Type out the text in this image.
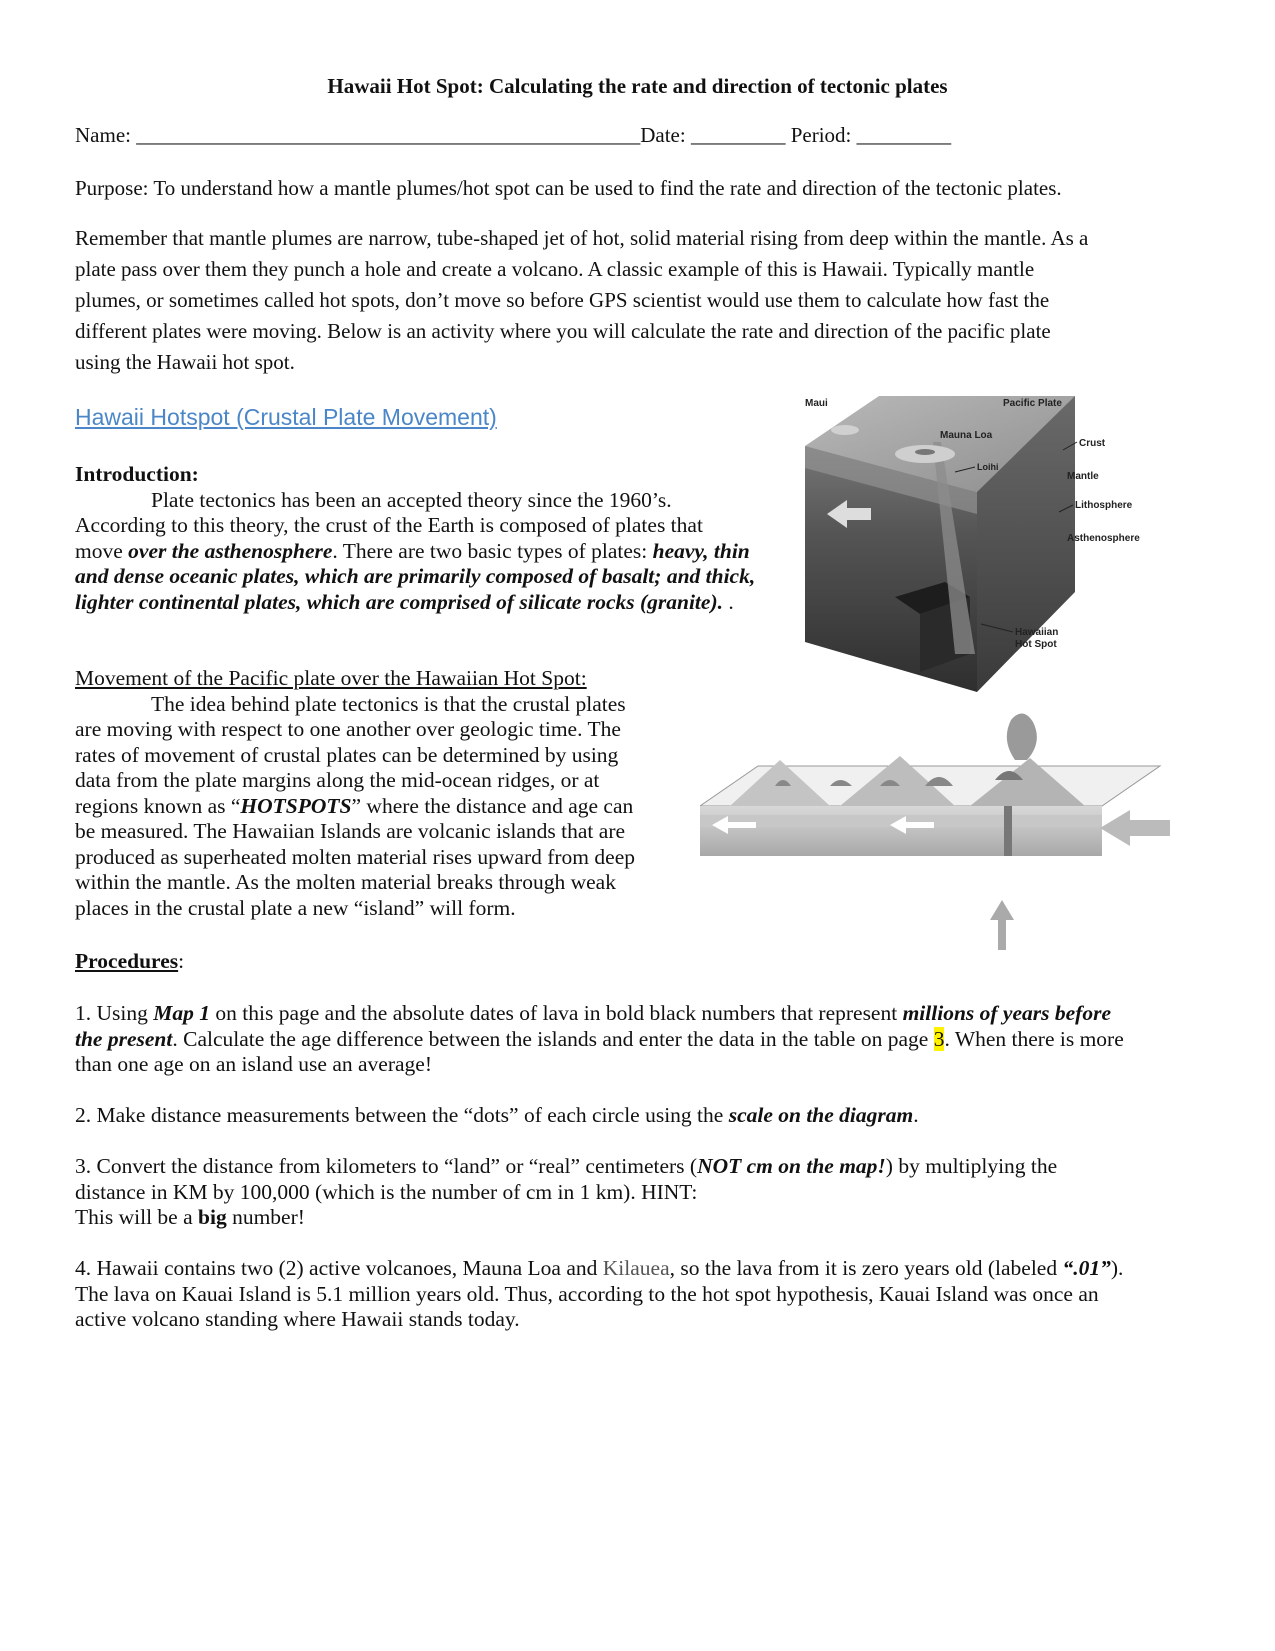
Hawaii Hot Spot: Calculating the rate and direction of tectonic plates
Name: ________________________________________________Date: _________ Period: _________
Purpose: To understand how a mantle plumes/hot spot can be used to find the rate and direction of the tectonic plates.
Remember that mantle plumes are narrow, tube-shaped jet of hot, solid material rising from deep within the mantle. As a
plate pass over them they punch a hole and create a volcano. A classic example of this is Hawaii. Typically mantle
plumes, or sometimes called hot spots, don’t move so before GPS scientist would use them to calculate how fast the
different plates were moving. Below is an activity where you will calculate the rate and direction of the pacific plate
using the Hawaii hot spot.
Hawaii Hotspot (Crustal Plate Movement)
Introduction:
Plate tectonics has been an accepted theory since the 1960’s.
According to this theory, the crust of the Earth is composed of plates that
move over the asthenosphere. There are two basic types of plates: heavy, thin
and dense oceanic plates, which are primarily composed of basalt; and thick,
lighter continental plates, which are comprised of silicate rocks (granite). .
Movement of the Pacific plate over the Hawaiian Hot Spot:
The idea behind plate tectonics is that the crustal plates
are moving with respect to one another over geologic time. The
rates of movement of crustal plates can be determined by using
data from the plate margins along the mid-ocean ridges, or at
regions known as “HOTSPOTS” where the distance and age can
be measured. The Hawaiian Islands are volcanic islands that are
produced as superheated molten material rises upward from deep
within the mantle. As the molten material breaks through weak
places in the crustal plate a new “island” will form.
Procedures:
1. Using Map 1 on this page and the absolute dates of lava in bold black numbers that represent millions of years before
the present. Calculate the age difference between the islands and enter the data in the table on page 3. When there is more
than one age on an island use an average!
2. Make distance measurements between the “dots” of each circle using the scale on the diagram.
3. Convert the distance from kilometers to “land” or “real” centimeters (NOT cm on the map!) by multiplying the
distance in KM by 100,000 (which is the number of cm in 1 km). HINT:
This will be a big number!
4. Hawaii contains two (2) active volcanoes, Mauna Loa and Kilauea, so the lava from it is zero years old (labeled “.01”).
The lava on Kauai Island is 5.1 million years old. Thus, according to the hot spot hypothesis, Kauai Island was once an
active volcano standing where Hawaii stands today.
Maui	Pacific Plate
Mauna Loa
Loihi
Crust
Mantle
Lithosphere
Asthenosphere
Hawaiian
Hot Spot
